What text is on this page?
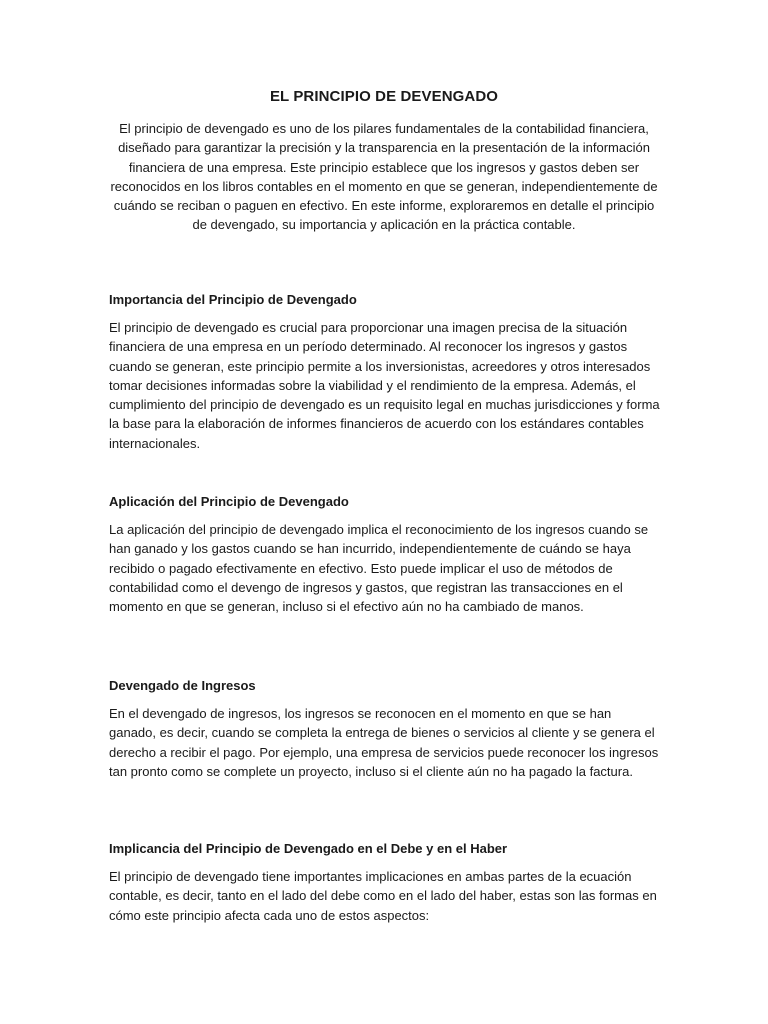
EL PRINCIPIO DE DEVENGADO
El principio de devengado es uno de los pilares fundamentales de la contabilidad financiera, diseñado para garantizar la precisión y la transparencia en la presentación de la información financiera de una empresa. Este principio establece que los ingresos y gastos deben ser reconocidos en los libros contables en el momento en que se generan, independientemente de cuándo se reciban o paguen en efectivo. En este informe, exploraremos en detalle el principio de devengado, su importancia y aplicación en la práctica contable.
Importancia del Principio de Devengado
El principio de devengado es crucial para proporcionar una imagen precisa de la situación financiera de una empresa en un período determinado. Al reconocer los ingresos y gastos cuando se generan, este principio permite a los inversionistas, acreedores y otros interesados tomar decisiones informadas sobre la viabilidad y el rendimiento de la empresa. Además, el cumplimiento del principio de devengado es un requisito legal en muchas jurisdicciones y forma la base para la elaboración de informes financieros de acuerdo con los estándares contables internacionales.
Aplicación del Principio de Devengado
La aplicación del principio de devengado implica el reconocimiento de los ingresos cuando se han ganado y los gastos cuando se han incurrido, independientemente de cuándo se haya recibido o pagado efectivamente en efectivo. Esto puede implicar el uso de métodos de contabilidad como el devengo de ingresos y gastos, que registran las transacciones en el momento en que se generan, incluso si el efectivo aún no ha cambiado de manos.
Devengado de Ingresos
En el devengado de ingresos, los ingresos se reconocen en el momento en que se han ganado, es decir, cuando se completa la entrega de bienes o servicios al cliente y se genera el derecho a recibir el pago. Por ejemplo, una empresa de servicios puede reconocer los ingresos tan pronto como se complete un proyecto, incluso si el cliente aún no ha pagado la factura.
Implicancia del Principio de Devengado en el Debe y en el Haber
El principio de devengado tiene importantes implicaciones en ambas partes de la ecuación contable, es decir, tanto en el lado del debe como en el lado del haber, estas son las formas en cómo este principio afecta cada uno de estos aspectos:
